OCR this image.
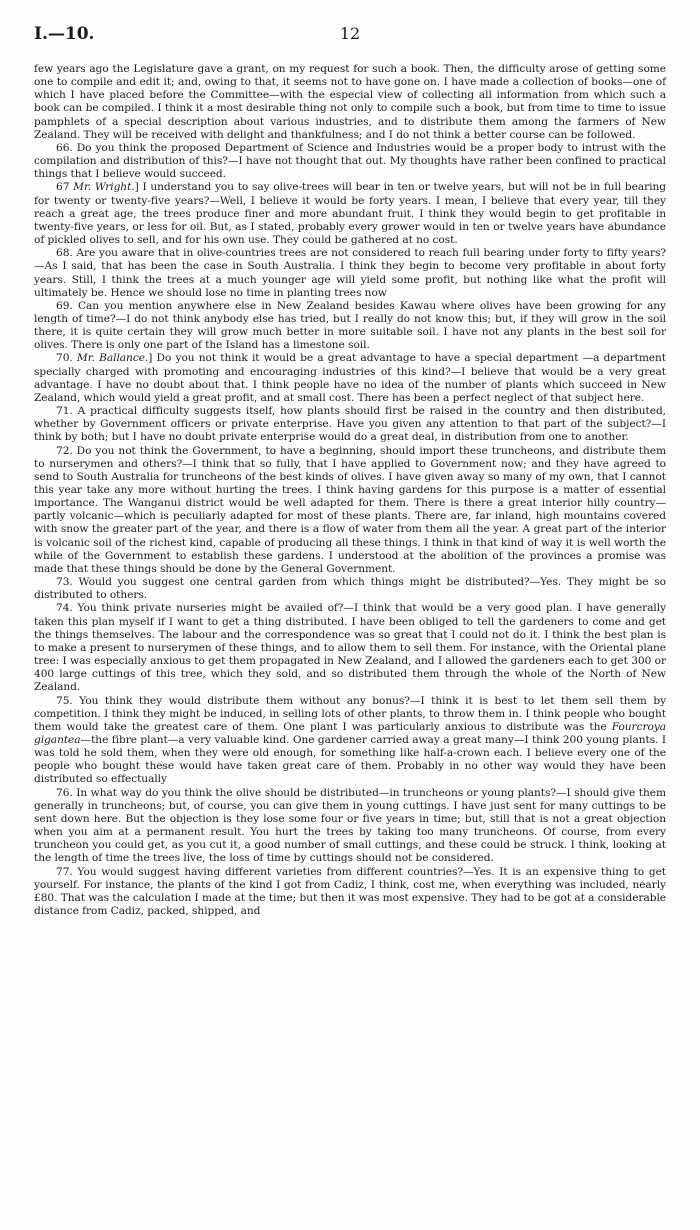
I.—10.	12

few years ago the Legislature gave a grant, on my request for such a book. Then, the difficulty arose of getting some one to compile and edit it; and, owing to that, it seems not to have gone on. I have made a collection of books—one of which I have placed before the Committee—with the especial view of collecting all information from which such a book can be compiled. I think it a most desirable thing not only to compile such a book, but from time to time to issue pamphlets of a special description about various industries, and to distribute them among the farmers of New Zealand. They will be received with delight and thankfulness; and I do not think a better course can be followed.

66. Do you think the proposed Department of Science and Industries would be a proper body to intrust with the compilation and distribution of this?—I have not thought that out. My thoughts have rather been confined to practical things that I believe would succeed.

67 Mr. Wright.] I understand you to say olive-trees will bear in ten or twelve years, but will not be in full bearing for twenty or twenty-five years?—Well, I believe it would be forty years. I mean, I believe that every year, till they reach a great age, the trees produce finer and more abundant fruit. I think they would begin to get profitable in twenty-five years, or less for oil. But, as I stated, probably every grower would in ten or twelve years have abundance of pickled olives to sell, and for his own use. They could be gathered at no cost.

68. Are you aware that in olive-countries trees are not considered to reach full bearing under forty to fifty years?—As I said, that has been the case in South Australia. I think they begin to become very profitable in about forty years. Still, I think the trees at a much younger age will yield some profit, but nothing like what the profit will ultimately be. Hence we should lose no time in planting trees now

69. Can you mention anywhere else in New Zealand besides Kawau where olives have been growing for any length of time?—I do not think anybody else has tried, but I really do not know this; but, if they will grow in the soil there, it is quite certain they will grow much better in more suitable soil. I have not any plants in the best soil for olives. There is only one part of the Island has a limestone soil.

70. Mr. Ballance.] Do you not think it would be a great advantage to have a special department —a department specially charged with promoting and encouraging industries of this kind?—I believe that would be a very great advantage. I have no doubt about that. I think people have no idea of the number of plants which succeed in New Zealand, which would yield a great profit, and at small cost. There has been a perfect neglect of that subject here.

71. A practical difficulty suggests itself, how plants should first be raised in the country and then distributed, whether by Government officers or private enterprise. Have you given any attention to that part of the subject?—I think by both; but I have no doubt private enterprise would do a great deal, in distribution from one to another.

72. Do you not think the Government, to have a beginning, should import these truncheons, and distribute them to nurserymen and others?—I think that so fully, that I have applied to Government now; and they have agreed to send to South Australia for truncheons of the best kinds of olives. I have given away so many of my own, that I cannot this year take any more without hurting the trees. I think having gardens for this purpose is a matter of essential importance. The Wanganui district would be well adapted for them. There is there a great interior hilly country—partly volcanic—which is peculiarly adapted for most of these plants. There are, far inland, high mountains covered with snow the greater part of the year, and there is a flow of water from them all the year. A great part of the interior is volcanic soil of the richest kind, capable of producing all these things. I think in that kind of way it is well worth the while of the Government to establish these gardens. I understood at the abolition of the provinces a promise was made that these things should be done by the General Government.

73. Would you suggest one central garden from which things might be distributed?—Yes. They might be so distributed to others.

74. You think private nurseries might be availed of?—I think that would be a very good plan. I have generally taken this plan myself if I want to get a thing distributed. I have been obliged to tell the gardeners to come and get the things themselves. The labour and the correspondence was so great that I could not do it. I think the best plan is to make a present to nurserymen of these things, and to allow them to sell them. For instance, with the Oriental plane tree: I was especially anxious to get them propagated in New Zealand, and I allowed the gardeners each to get 300 or 400 large cuttings of this tree, which they sold, and so distributed them through the whole of the North of New Zealand.

75. You think they would distribute them without any bonus?—I think it is best to let them sell them by competition. I think they might be induced, in selling lots of other plants, to throw them in. I think people who bought them would take the greatest care of them. One plant I was particularly anxious to distribute was the Fourcroya gigantea—the fibre plant—a very valuable kind. One gardener carried away a great many—I think 200 young plants. I was told he sold them, when they were old enough, for something like half-a-crown each. I believe every one of the people who bought these would have taken great care of them. Probably in no other way would they have been distributed so effectually

76. In what way do you think the olive should be distributed—in truncheons or young plants?—I should give them generally in truncheons; but, of course, you can give them in young cuttings. I have just sent for many cuttings to be sent down here. But the objection is they lose some four or five years in time; but, still that is not a great objection when you aim at a permanent result. You hurt the trees by taking too many truncheons. Of course, from every truncheon you could get, as you cut it, a good number of small cuttings, and these could be struck. I think, looking at the length of time the trees live, the loss of time by cuttings should not be considered.

77. You would suggest having different varieties from different countries?—Yes. It is an expensive thing to get yourself. For instance, the plants of the kind I got from Cadiz, I think, cost me, when everything was included, nearly £80. That was the calculation I made at the time; but then it was most expensive. They had to be got at a considerable distance from Cadiz, packed, shipped, and
